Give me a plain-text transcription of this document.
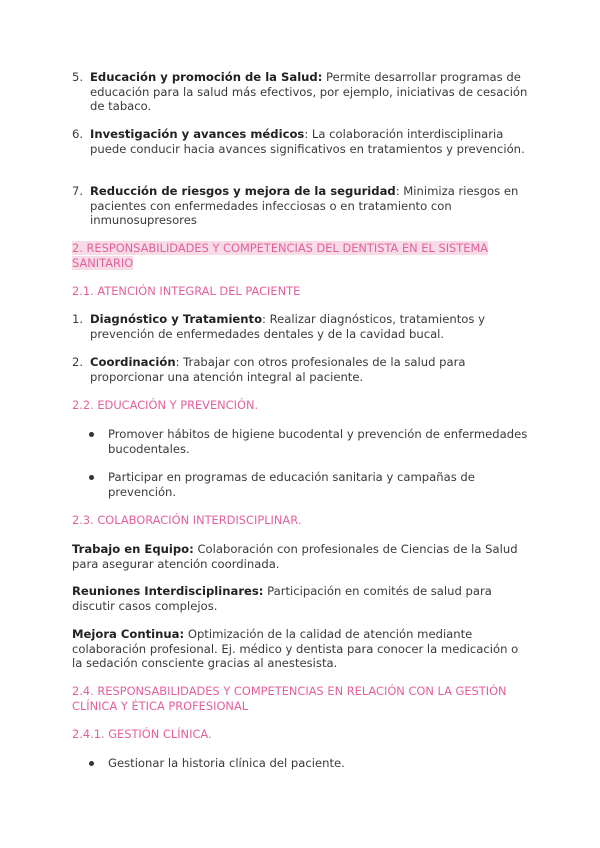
5. Educación y promoción de la Salud: Permite desarrollar programas de educación para la salud más efectivos, por ejemplo, iniciativas de cesación de tabaco.
6. Investigación y avances médicos: La colaboración interdisciplinaria puede conducir hacia avances significativos en tratamientos y prevención.
7. Reducción de riesgos y mejora de la seguridad: Minimiza riesgos en pacientes con enfermedades infecciosas o en tratamiento con inmunosupresores
2. RESPONSABILIDADES Y COMPETENCIAS DEL DENTISTA EN EL SISTEMA SANITARIO
2.1. ATENCIÓN INTEGRAL DEL PACIENTE
1. Diagnóstico y Tratamiento: Realizar diagnósticos, tratamientos y prevención de enfermedades dentales y de la cavidad bucal.
2. Coordinación: Trabajar con otros profesionales de la salud para proporcionar una atención integral al paciente.
2.2. EDUCACIÓN Y PREVENCIÓN.
Promover hábitos de higiene bucodental y prevención de enfermedades bucodentales.
Participar en programas de educación sanitaria y campañas de prevención.
2.3. COLABORACIÓN INTERDISCIPLINAR.
Trabajo en Equipo: Colaboración con profesionales de Ciencias de la Salud para asegurar atención coordinada.
Reuniones Interdisciplinares: Participación en comités de salud para discutir casos complejos.
Mejora Continua: Optimización de la calidad de atención mediante colaboración profesional. Ej. médico y dentista para conocer la medicación o la sedación consciente gracias al anestesista.
2.4. RESPONSABILIDADES Y COMPETENCIAS EN RELACIÓN CON LA GESTIÓN CLÍNICA Y ÉTICA PROFESIONAL
2.4.1. GESTIÓN CLÍNICA.
Gestionar la historia clínica del paciente.
